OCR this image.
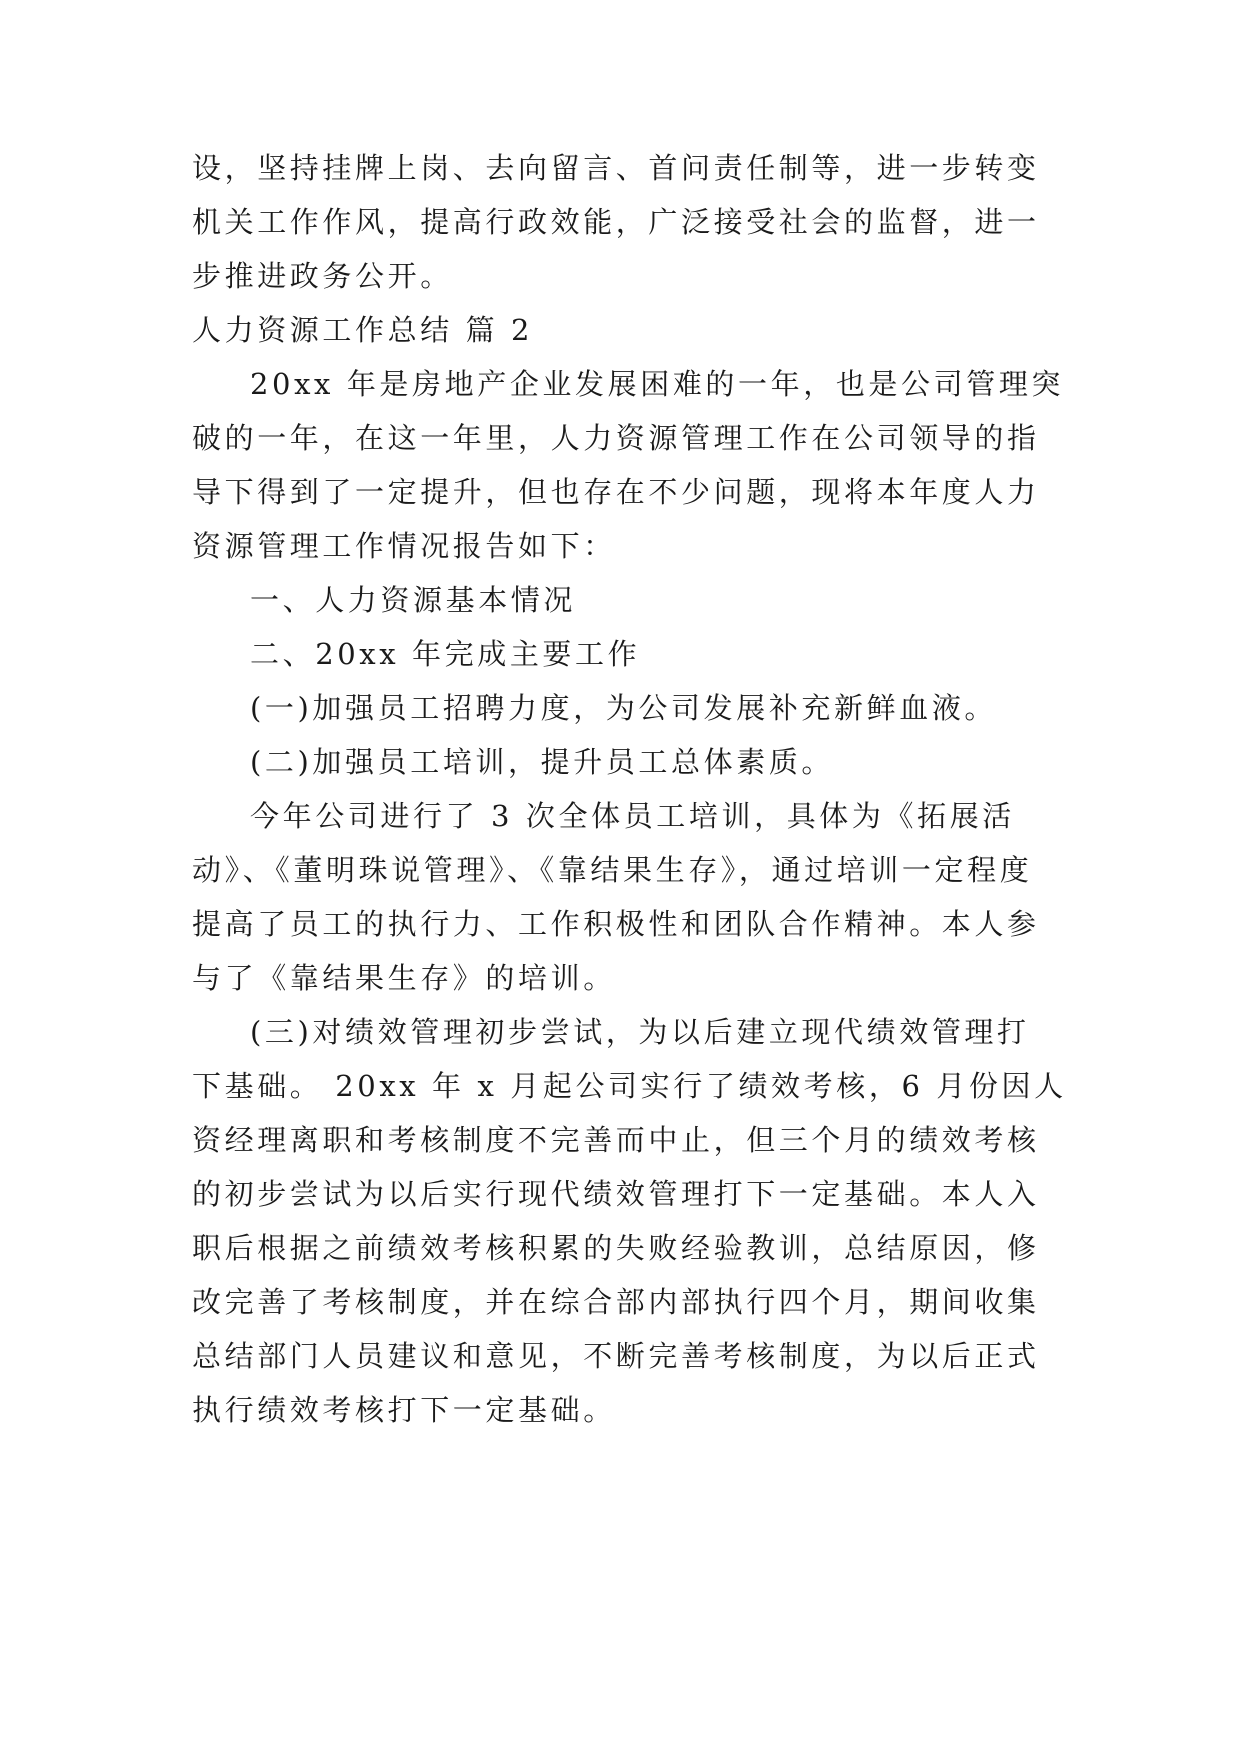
设，坚持挂牌上岗、去向留言、首问责任制等，进一步转变
机关工作作风，提高行政效能，广泛接受社会的监督，进一
步推进政务公开。
人力资源工作总结 篇 2
20xx 年是房地产企业发展困难的一年，也是公司管理突
破的一年，在这一年里，人力资源管理工作在公司领导的指
导下得到了一定提升，但也存在不少问题，现将本年度人力
资源管理工作情况报告如下：
一、人力资源基本情况
二、20xx 年完成主要工作
(一)加强员工招聘力度，为公司发展补充新鲜血液。
(二)加强员工培训，提升员工总体素质。
今年公司进行了 3 次全体员工培训，具体为《拓展活
动》、《董明珠说管理》、《靠结果生存》，通过培训一定程度
提高了员工的执行力、工作积极性和团队合作精神。本人参
与了《靠结果生存》的培训。
(三)对绩效管理初步尝试，为以后建立现代绩效管理打
下基础。 20xx 年 x 月起公司实行了绩效考核，6 月份因人
资经理离职和考核制度不完善而中止，但三个月的绩效考核
的初步尝试为以后实行现代绩效管理打下一定基础。本人入
职后根据之前绩效考核积累的失败经验教训，总结原因，修
改完善了考核制度，并在综合部内部执行四个月，期间收集
总结部门人员建议和意见，不断完善考核制度，为以后正式
执行绩效考核打下一定基础。
